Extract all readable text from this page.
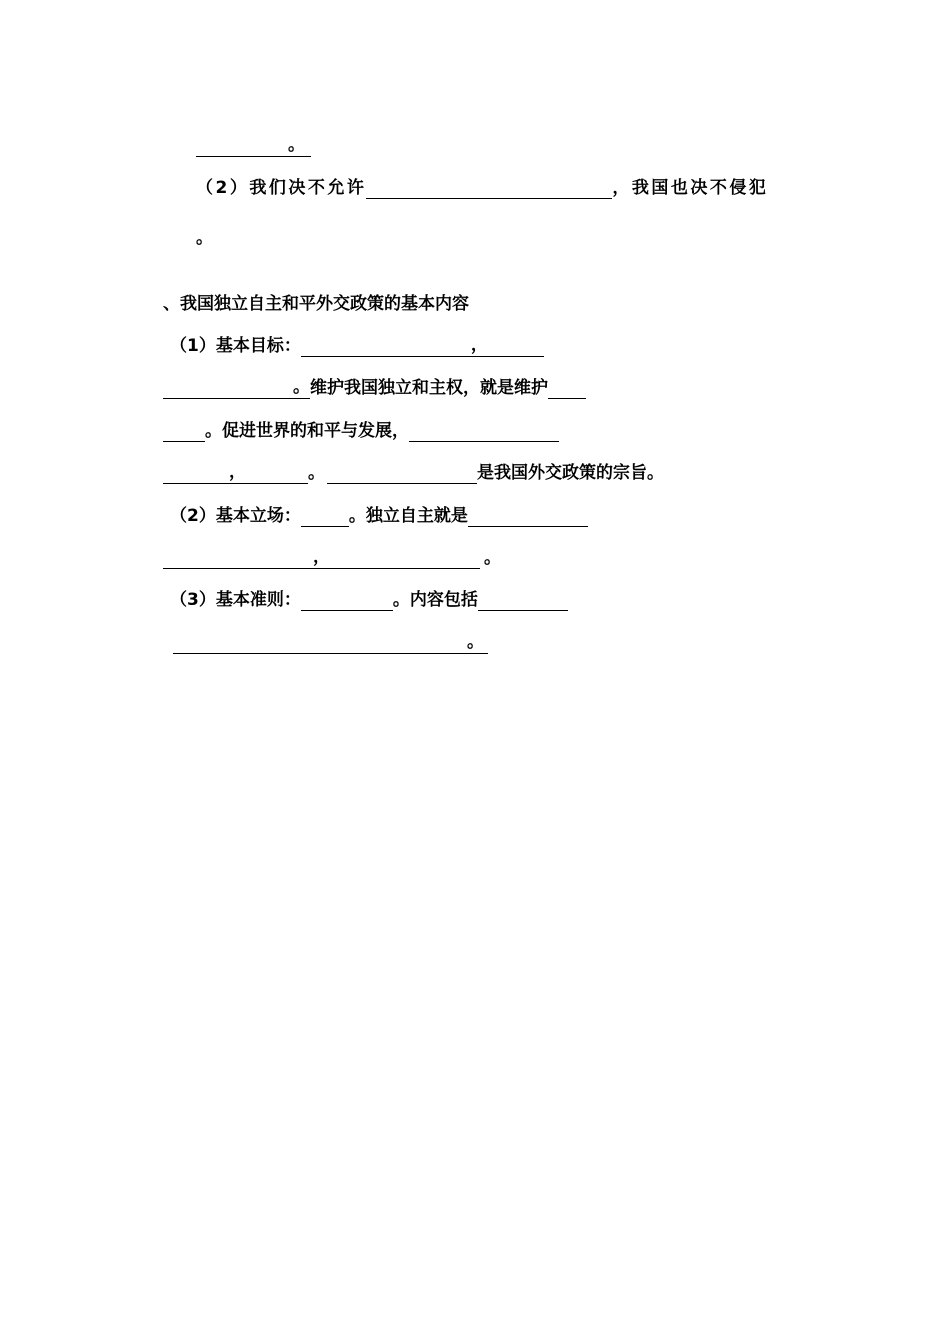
。
（2）我们决不允许	，我国也决不侵犯
。
、我国独立自主和平外交政策的基本内容
（1）基本目标：	，
。 维护我国独立和主权，就是维护
。促进世界的和平与发展，
，	。	是我国外交政策的宗旨。
（2）基本立场：	。独立自主就是
，	。
（3）基本准则：	。内容包括
。
